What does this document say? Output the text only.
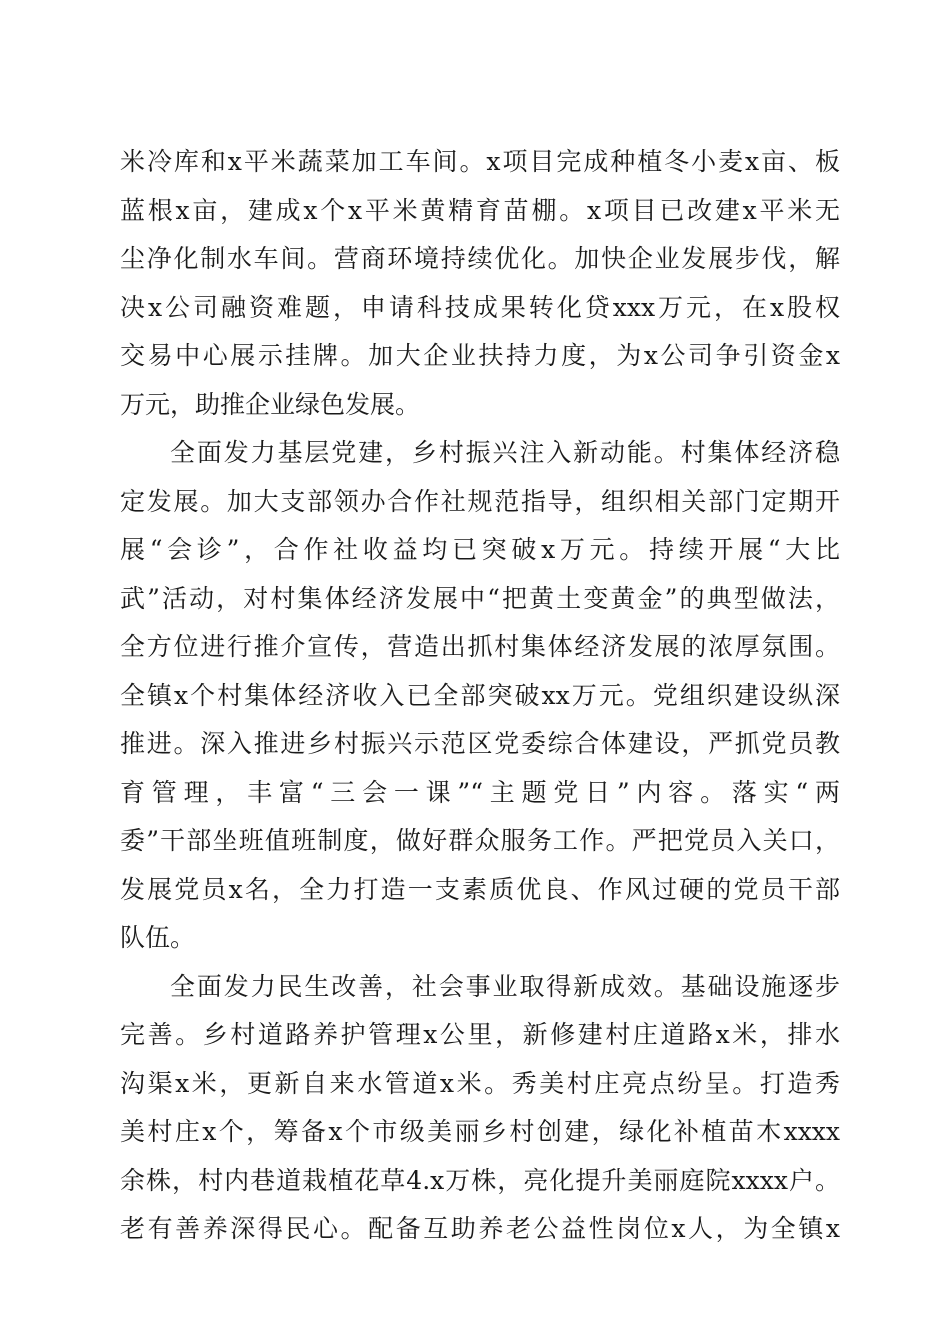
米冷库和x平米蔬菜加工车间。x项目完成种植冬小麦x亩、板
蓝根x亩，建成x个x平米黄精育苗棚。x项目已改建x平米无
尘净化制水车间。营商环境持续优化。加快企业发展步伐，解
决x公司融资难题，申请科技成果转化贷xxx万元，在x股权
交易中心展示挂牌。加大企业扶持力度，为x公司争引资金x
万元，助推企业绿色发展。
全面发力基层党建，乡村振兴注入新动能。村集体经济稳
定发展。加大支部领办合作社规范指导，组织相关部门定期开
展“会诊”，合作社收益均已突破x万元。持续开展“大比
武”活动，对村集体经济发展中“把黄土变黄金”的典型做法，
全方位进行推介宣传，营造出抓村集体经济发展的浓厚氛围。
全镇x个村集体经济收入已全部突破xx万元。党组织建设纵深
推进。深入推进乡村振兴示范区党委综合体建设，严抓党员教
育管理，丰富“三会一课”“主题党日”内容。落实“两
委”干部坐班值班制度，做好群众服务工作。严把党员入关口，
发展党员x名，全力打造一支素质优良、作风过硬的党员干部
队伍。
全面发力民生改善，社会事业取得新成效。基础设施逐步
完善。乡村道路养护管理x公里，新修建村庄道路x米，排水
沟渠x米，更新自来水管道x米。秀美村庄亮点纷呈。打造秀
美村庄x个，筹备x个市级美丽乡村创建，绿化补植苗木xxxx
余株，村内巷道栽植花草4.x万株，亮化提升美丽庭院xxxx户。
老有善养深得民心。配备互助养老公益性岗位x人，为全镇x
